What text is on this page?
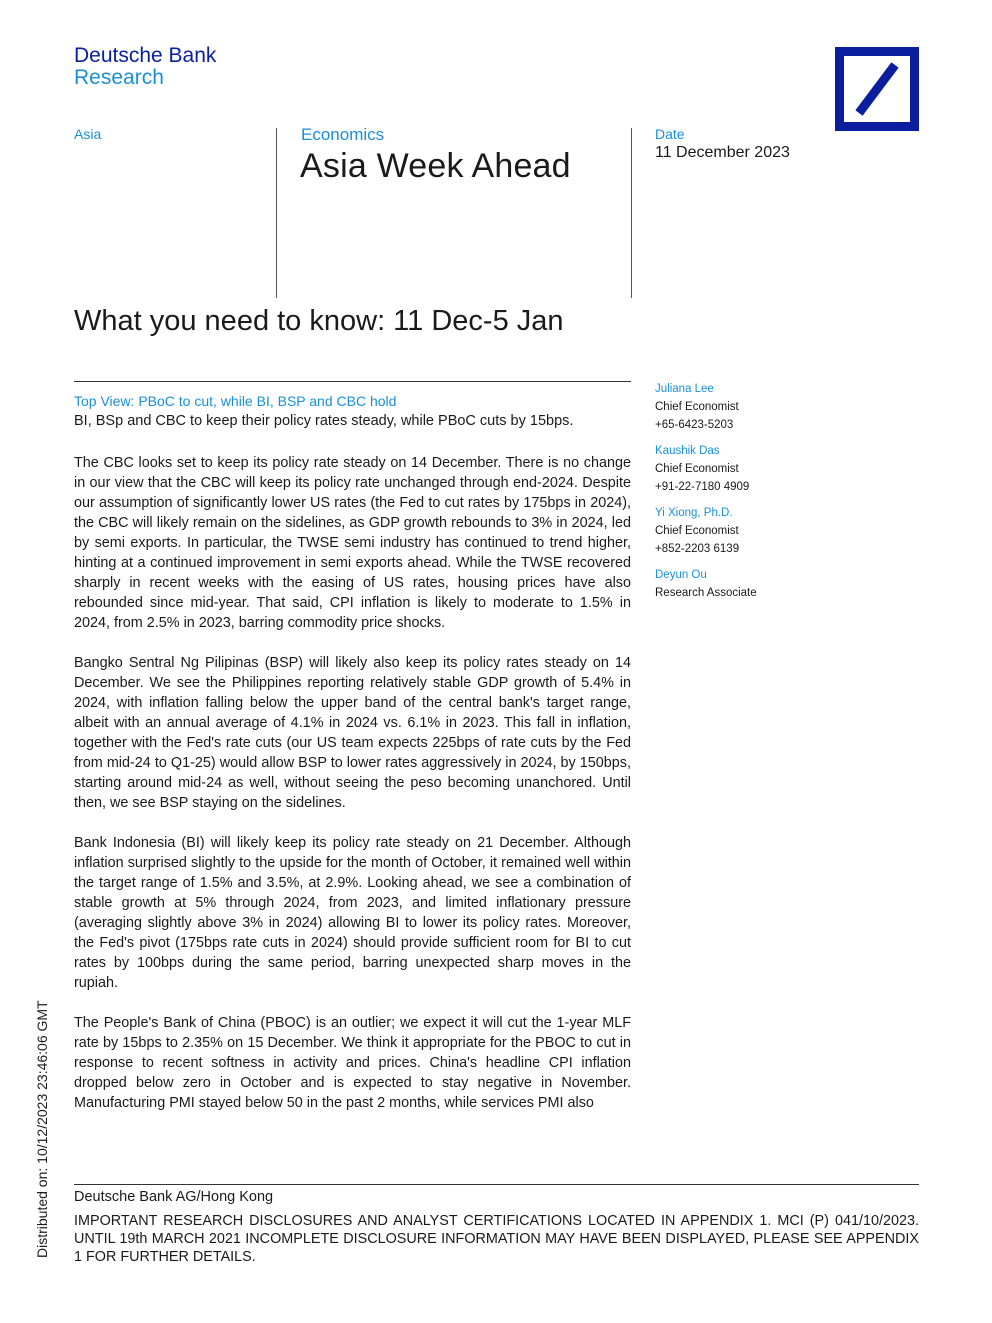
Deutsche Bank
Research
Asia	Economics
Asia Week Ahead
Date
11 December 2023
What you need to know: 11 Dec-5 Jan
Top View: PBoC to cut, while BI, BSP and CBC hold
BI, BSp and CBC to keep their policy rates steady, while PBoC cuts by 15bps.

The CBC looks set to keep its policy rate steady on 14 December. There is no change in our view that the CBC will keep its policy rate unchanged through end-2024. Despite our assumption of significantly lower US rates (the Fed to cut rates by 175bps in 2024), the CBC will likely remain on the sidelines, as GDP growth rebounds to 3% in 2024, led by semi exports. In particular, the TWSE semi industry has continued to trend higher, hinting at a continued improvement in semi exports ahead. While the TWSE recovered sharply in recent weeks with the easing of US rates, housing prices have also rebounded since mid-year. That said, CPI inflation is likely to moderate to 1.5% in 2024, from 2.5% in 2023, barring commodity price shocks.

Bangko Sentral Ng Pilipinas (BSP) will likely also keep its policy rates steady on 14 December. We see the Philippines reporting relatively stable GDP growth of 5.4% in 2024, with inflation falling below the upper band of the central bank's target range, albeit with an annual average of 4.1% in 2024 vs. 6.1% in 2023. This fall in inflation, together with the Fed's rate cuts (our US team expects 225bps of rate cuts by the Fed from mid-24 to Q1-25) would allow BSP to lower rates aggressively in 2024, by 150bps, starting around mid-24 as well, without seeing the peso becoming unanchored. Until then, we see BSP staying on the sidelines.

Bank Indonesia (BI) will likely keep its policy rate steady on 21 December. Although inflation surprised slightly to the upside for the month of October, it remained well within the target range of 1.5% and 3.5%, at 2.9%. Looking ahead, we see a combination of stable growth at 5% through 2024, from 2023, and limited inflationary pressure (averaging slightly above 3% in 2024) allowing BI to lower its policy rates. Moreover, the Fed's pivot (175bps rate cuts in 2024) should provide sufficient room for BI to cut rates by 100bps during the same period, barring unexpected sharp moves in the rupiah.

The People's Bank of China (PBOC) is an outlier; we expect it will cut the 1-year MLF rate by 15bps to 2.35% on 15 December. We think it appropriate for the PBOC to cut in response to recent softness in activity and prices. China's headline CPI inflation dropped below zero in October and is expected to stay negative in November. Manufacturing PMI stayed below 50 in the past 2 months, while services PMI also

Juliana Lee
Chief Economist
+65-6423-5203
Kaushik Das
Chief Economist
+91-22-7180 4909
Yi Xiong, Ph.D.
Chief Economist
+852-2203 6139
Deyun Ou
Research Associate
Deutsche Bank AG/Hong Kong
IMPORTANT RESEARCH DISCLOSURES AND ANALYST CERTIFICATIONS LOCATED IN APPENDIX 1. MCI (P) 041/10/2023. UNTIL 19th MARCH 2021 INCOMPLETE DISCLOSURE INFORMATION MAY HAVE BEEN DISPLAYED, PLEASE SEE APPENDIX 1 FOR FURTHER DETAILS.
Distributed on: 10/12/2023 23:46:06 GMT
